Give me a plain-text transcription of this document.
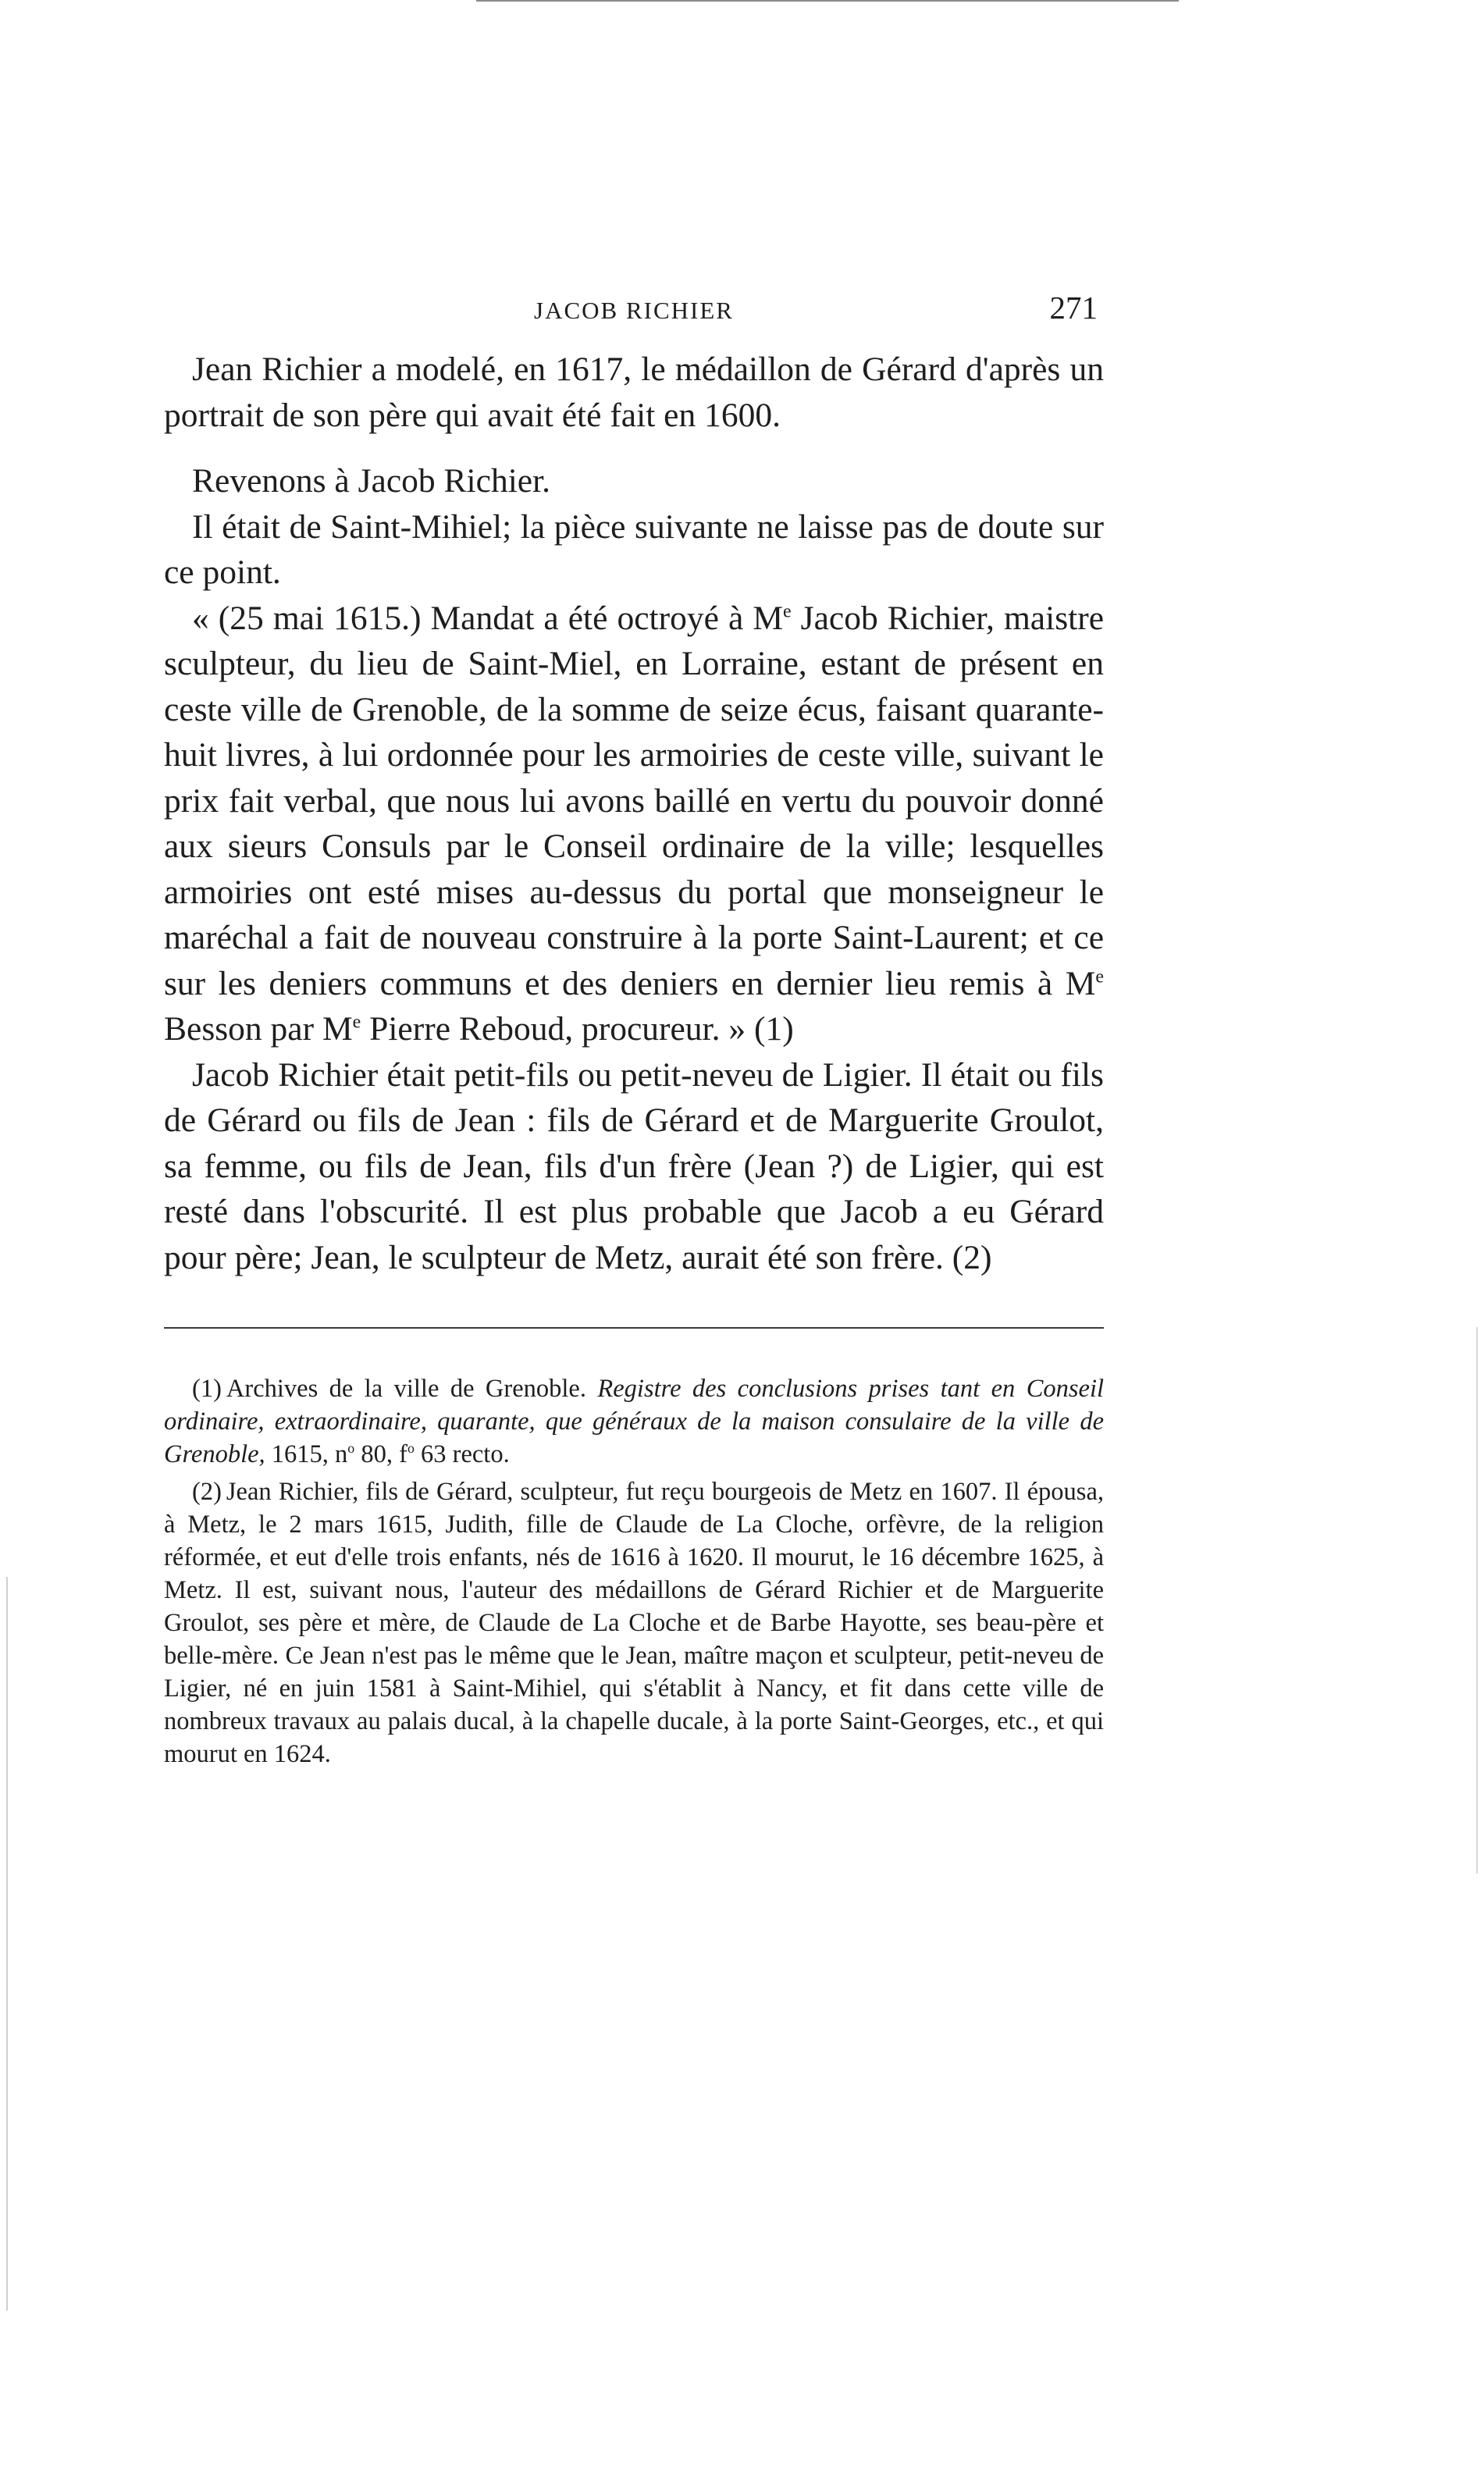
JACOB RICHIER	271

Jean Richier a modelé, en 1617, le médaillon de Gérard d'après un portrait de son père qui avait été fait en 1600.

Revenons à Jacob Richier.

Il était de Saint-Mihiel; la pièce suivante ne laisse pas de doute sur ce point.

« (25 mai 1615.) Mandat a été octroyé à Me Jacob Richier, maistre sculpteur, du lieu de Saint-Miel, en Lorraine, estant de présent en ceste ville de Grenoble, de la somme de seize écus, faisant quarante-huit livres, à lui ordonnée pour les armoiries de ceste ville, suivant le prix fait verbal, que nous lui avons baillé en vertu du pouvoir donné aux sieurs Consuls par le Conseil ordinaire de la ville; lesquelles armoiries ont esté mises au-dessus du portal que monseigneur le maréchal a fait de nouveau construire à la porte Saint-Laurent; et ce sur les deniers communs et des deniers en dernier lieu remis à Me Besson par Me Pierre Reboud, procureur. » (1)

Jacob Richier était petit-fils ou petit-neveu de Ligier. Il était ou fils de Gérard ou fils de Jean : fils de Gérard et de Marguerite Groulot, sa femme, ou fils de Jean, fils d'un frère (Jean ?) de Ligier, qui est resté dans l'obscurité. Il est plus probable que Jacob a eu Gérard pour père; Jean, le sculpteur de Metz, aurait été son frère. (2)

(1) Archives de la ville de Grenoble. Registre des conclusions prises tant en Conseil ordinaire, extraordinaire, quarante, que généraux de la maison consulaire de la ville de Grenoble, 1615, $n^o$ 80, $f^o$ 63 recto.

(2) Jean Richier, fils de Gérard, sculpteur, fut reçu bourgeois de Metz en 1607. Il épousa, à Metz, le 2 mars 1615, Judith, fille de Claude de La Cloche, orfèvre, de la religion réformée, et eut d'elle trois enfants, nés de 1616 à 1620. Il mourut, le 16 décembre 1625, à Metz. Il est, suivant nous, l'auteur des médaillons de Gérard Richier et de Marguerite Groulot, ses père et mère, de Claude de La Cloche et de Barbe Hayotte, ses beau-père et belle-mère. Ce Jean n'est pas le même que le Jean, maître maçon et sculpteur, petit-neveu de Ligier, né en juin 1581 à Saint-Mihiel, qui s'établit à Nancy, et fit dans cette ville de nombreux travaux au palais ducal, à la chapelle ducale, à la porte Saint-Georges, etc., et qui mourut en 1624.
